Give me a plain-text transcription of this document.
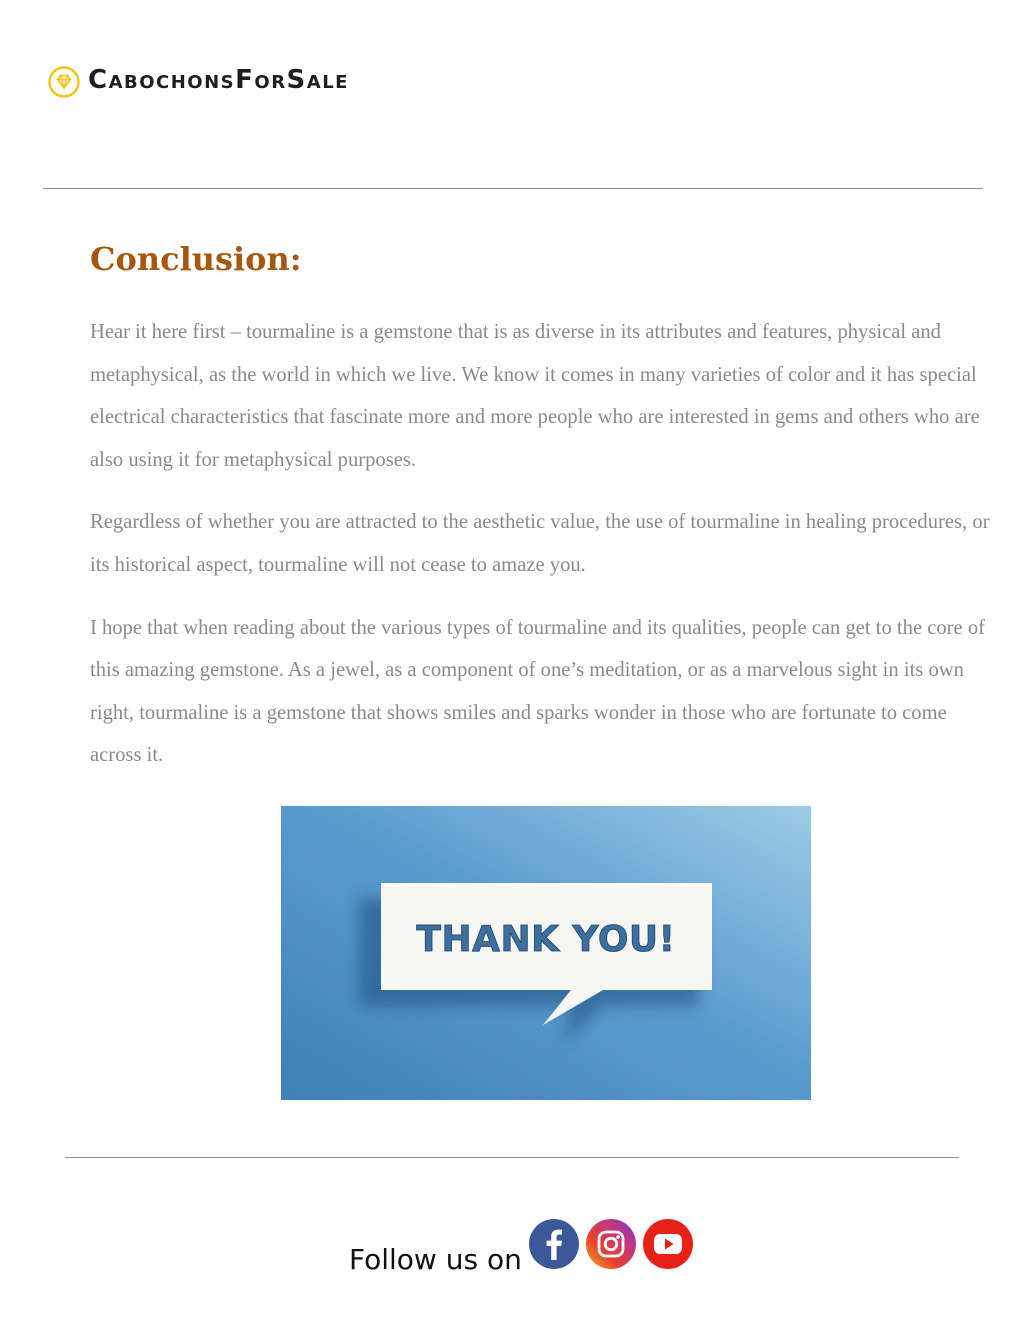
CabochonsForSale
Conclusion:

Hear it here first – tourmaline is a gemstone that is as diverse in its attributes and features, physical and metaphysical, as the world in which we live. We know it comes in many varieties of color and it has special electrical characteristics that fascinate more and more people who are interested in gems and others who are also using it for metaphysical purposes.

Regardless of whether you are attracted to the aesthetic value, the use of tourmaline in healing procedures, or its historical aspect, tourmaline will not cease to amaze you.

I hope that when reading about the various types of tourmaline and its qualities, people can get to the core of this amazing gemstone. As a jewel, as a component of one’s meditation, or as a marvelous sight in its own right, tourmaline is a gemstone that shows smiles and sparks wonder in those who are fortunate to come across it.

THANK YOU!
Follow us on
